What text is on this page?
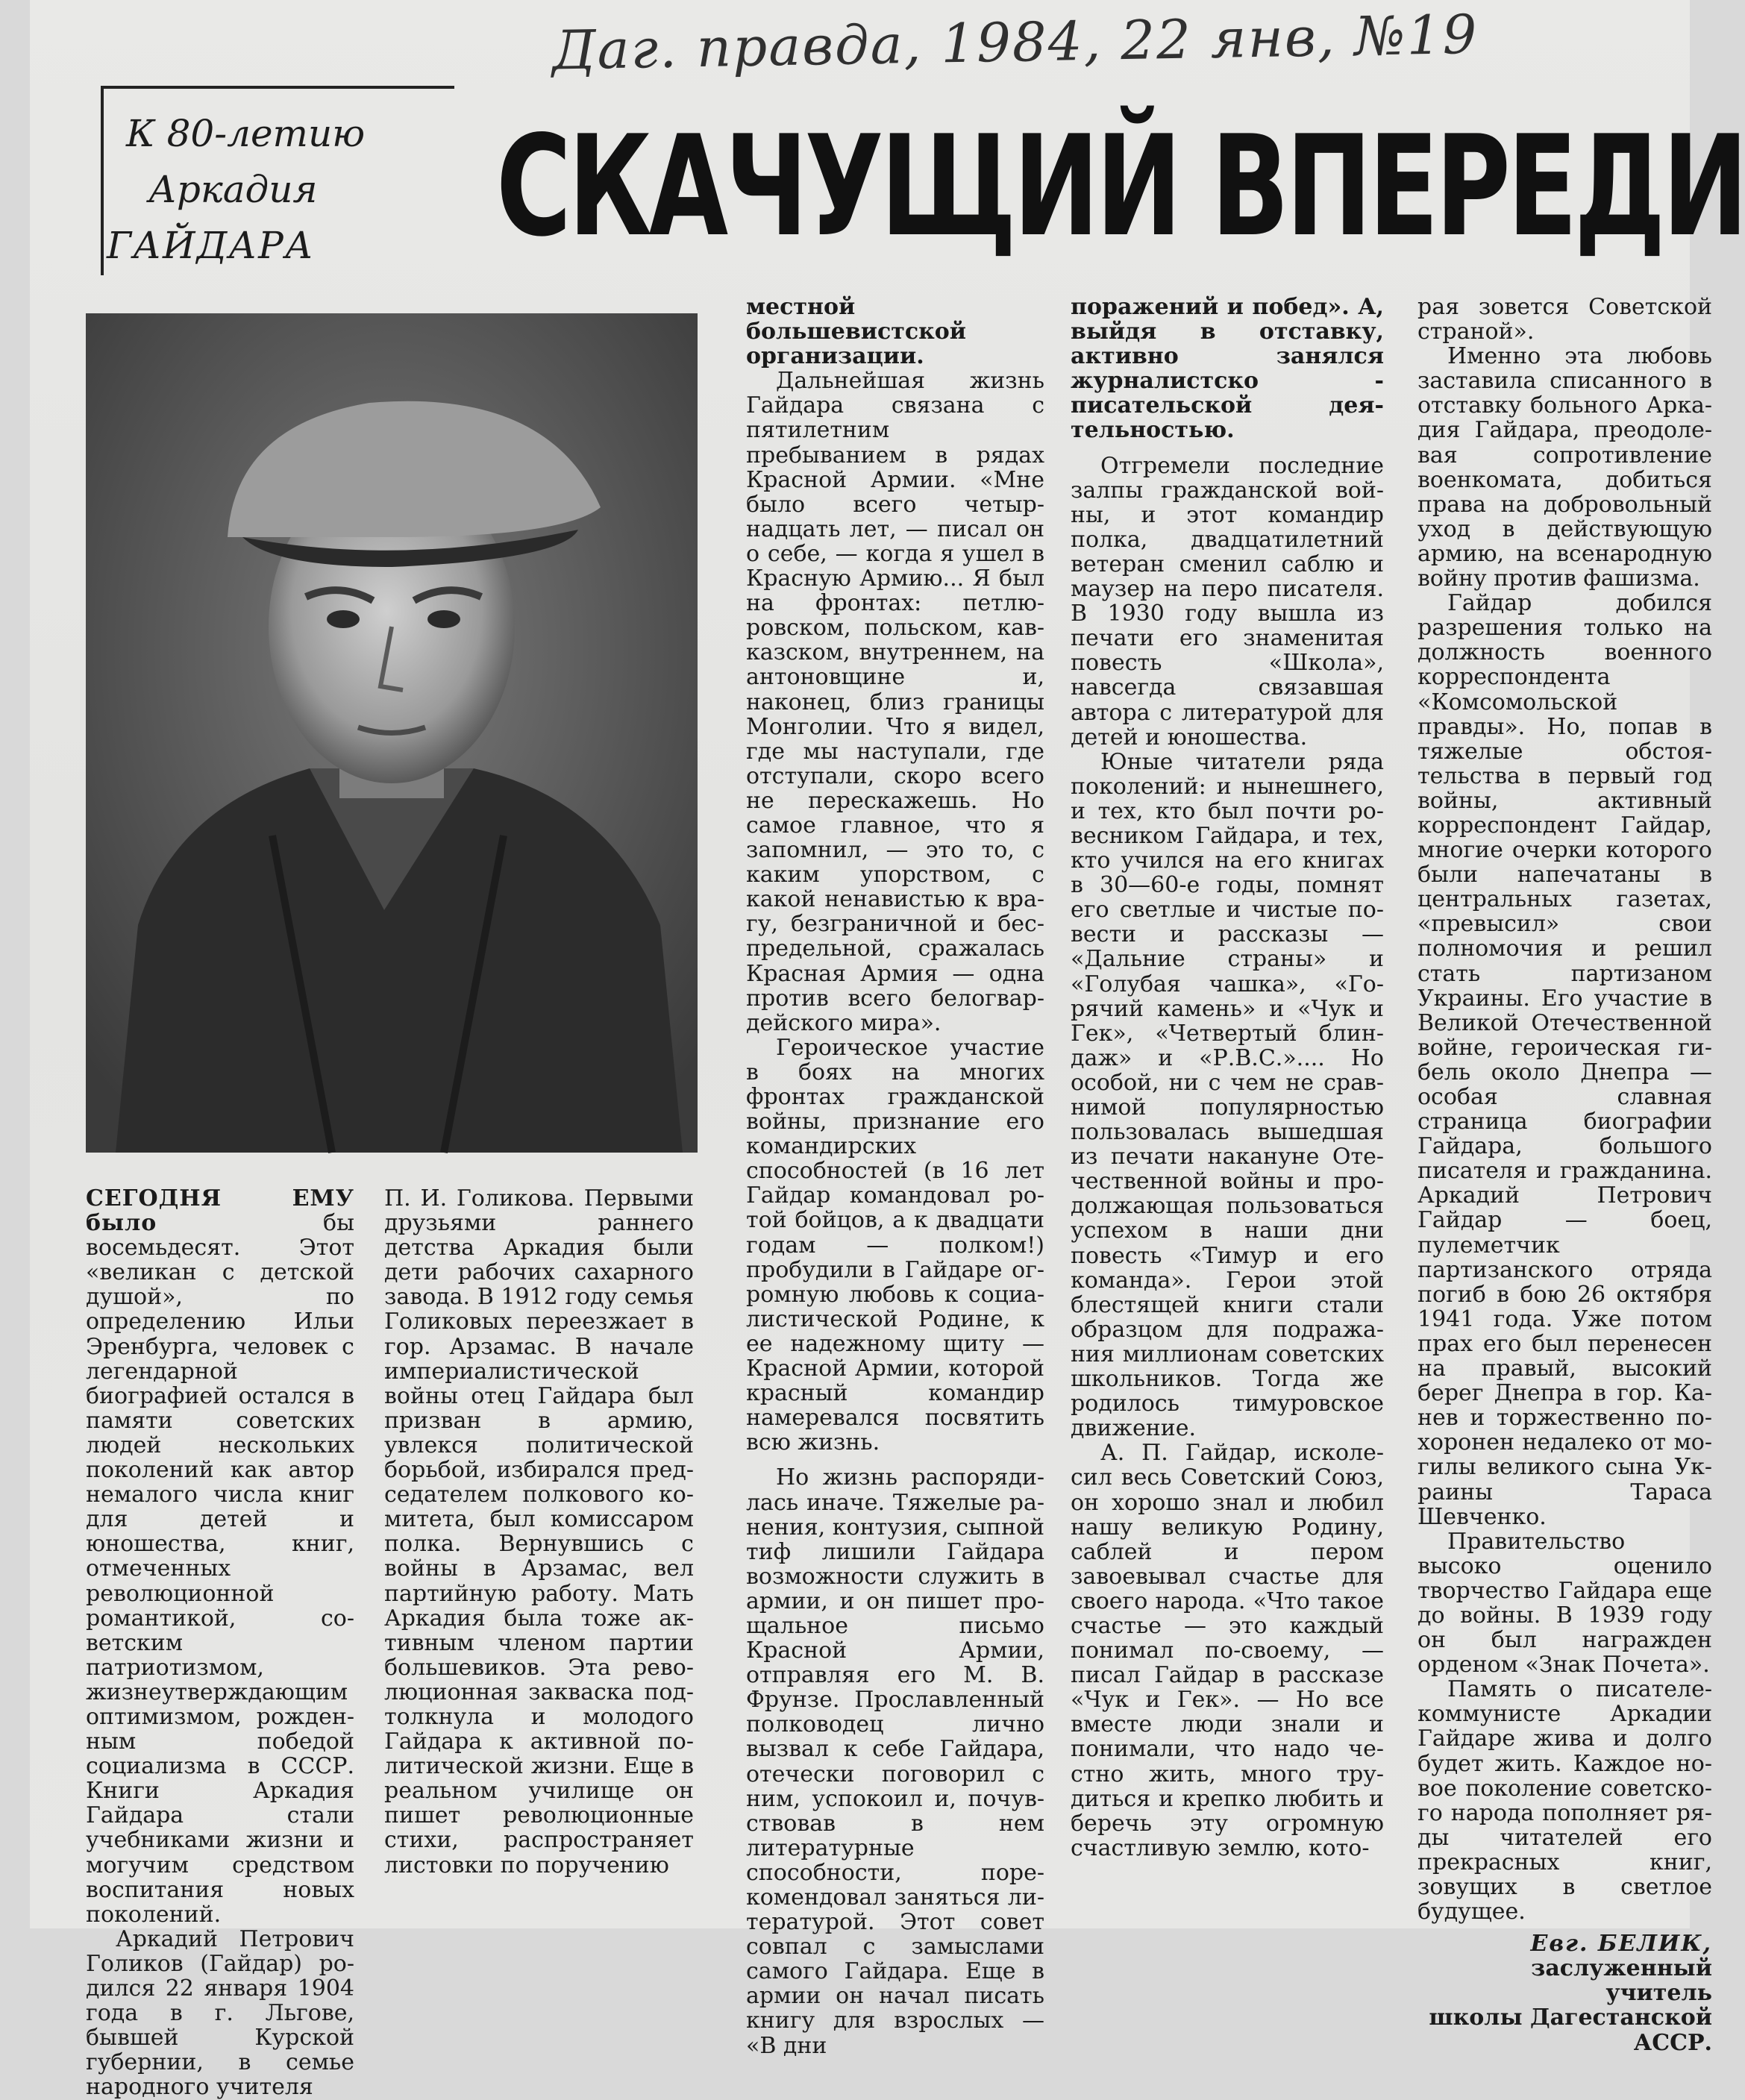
Дaг. правда, 1984, 22 янв, №19
К 80-летию
Аркадия
ГАЙДАРА СКАЧУЩИЙ ВПЕРЕДИ

СЕГОДНЯ ЕМУ было	бы восемьдесят. Этот «великан с детской душой», по определению Ильи Эренбурга, человек с легендарной биографией остался в памяти советских людей нескольких поколений как автор немалого числа книг для детей и юношества, книг, отмеченных революционной романтикой, советским патриотизмом, жизнеутверждающим оптимизмом, рожденным победой социализма в СССР. Книги Аркадия Гайдара стали учебниками жизни и могучим средством воспитания новых поколений.

Аркадий Петрович Голиков (Гайдар) родился 22 января 1904 года в г. Льгове, бывшей Курской губернии, в семье народного учителя

П. И. Голикова. Первыми друзьями раннего детства Аркадия были дети рабочих сахарного завода. В 1912 году семья Голиковых переезжает в гор. Арзамас. В начале империалистической войны отец Гайдара был призван в армию, увлекся политической борьбой, избирался председателем полкового комитета, был комиссаром полка. Вернувшись с войны в Арзамас, вел партийную работу. Мать Аркадия была тоже активным членом партии большевиков. Эта революционная закваска подтолкнула и молодого Гайдара к активной политической жизни. Еще в реальном училище он пишет революционные стихи, распространяет листовки по поручению

местной большевистской организации.

Дальнейшая жизнь Гайдара связана с пятилетним пребыванием в рядах Красной Армии. «Мне было всего четырнадцать лет, — писал он о себе, — когда я ушел в Красную Армию... Я был на фронтах: петлюровском, польском, кавказском, внутреннем, на антоновщине и, наконец, близ границы Монголии. Что я видел, где мы наступали, где отступали, скоро всего не перескажешь. Но самое главное, что я запомнил, — это то, с каким упорством, с какой ненавистью к врагу, безграничной и беспредельной, сражалась Красная Армия — одна против всего белогвардейского мира».

Героическое участие в боях на многих фронтах гражданской войны, признание его командирских способностей (в 16 лет Гайдар командовал ротой бойцов, а к двадцати годам — полком!) пробудили в Гайдаре огромную любовь к социалистической Родине, к ее надежному щиту — Красной Армии, которой красный командир намеревался посвятить всю жизнь.

Но жизнь распорядилась иначе. Тяжелые ранения, контузия, сыпной тиф лишили Гайдара возможности служить в армии, и он пишет прощальное письмо Красной Армии, отправляя его М. В. Фрунзе. Прославленный полководец лично вызвал к себе Гайдара, отечески поговорил с ним, успокоил и, почувствовав в нем литературные способности, порекомендовал заняться литературой. Этот совет совпал с замыслами самого Гайдара. Еще в армии он начал писать книгу для взрослых — «В дни

поражений и побед». А, выйдя в отставку, активно занялся журналистско - писательской деятельностью.

Отгремели последние залпы гражданской войны, и этот командир полка, двадцатилетний ветеран сменил саблю и маузер на перо писателя. В 1930 году вышла из печати его знаменитая повесть «Школа», навсегда связавшая автора с литературой для детей и юношества.

Юные читатели ряда поколений: и нынешнего, и тех, кто был почти ровесником Гайдара, и тех, кто учился на его книгах в 30—60-е годы, помнят его светлые и чистые повести и рассказы — «Дальние страны» и «Голубая чашка», «Горячий камень» и «Чук и Гек», «Четвертый блиндаж» и «Р.В.С.».... Но особой, ни с чем не сравнимой популярностью пользовалась вышедшая из печати накануне Отечественной войны и продолжающая пользоваться успехом в наши дни повесть «Тимур и его команда». Герои этой блестящей книги стали образцом для подражания миллионам советских школьников. Тогда же родилось тимуровское движение.

А. П. Гайдар, исколесил весь Советский Союз, он хорошо знал и любил нашу великую Родину, саблей и пером завоевывал счастье для своего народа. «Что такое счастье — это каждый понимал по-своему, — писал Гайдар в рассказе «Чук и Гек». — Но все вместе люди знали и понимали, что надо честно жить, много трудиться и крепко любить и беречь эту огромную счастливую землю, кото-

рая зовется Советской страной».

Именно эта любовь заставила списанного в отставку больного Аркадия Гайдара, преодолевая сопротивление военкомата, добиться права на добровольный уход в действующую армию, на всенародную войну против фашизма.

Гайдар добился разрешения только на должность военного корреспондента «Комсомольской правды». Но, попав в тяжелые обстоятельства в первый год войны, активный корреспондент Гайдар, многие очерки которого были напечатаны в центральных газетах, «превысил» свои полномочия и решил стать партизаном Украины. Его участие в Великой Отечественной войне, героическая гибель около Днепра — особая славная страница биографии Гайдара, большого писателя и гражданина. Аркадий Петрович Гайдар — боец, пулеметчик партизанского отряда погиб в бою 26 октября 1941 года. Уже потом прах его был перенесен на правый, высокий берег Днепра в гор. Канев и торжественно похоронен недалеко от могилы великого сына Украины Тараса Шевченко.

Правительство высоко оценило творчество Гайдара еще до войны. В 1939 году он был награжден орденом «Знак Почета».

Память о писателе-коммунисте Аркадии Гайдаре жива и долго будет жить. Каждое новое поколение советского народа пополняет ряды читателей его прекрасных книг, зовущих в светлое будущее.

Евг. БЕЛИК,
заслуженный учитель
школы Дагестанской
АССР.
